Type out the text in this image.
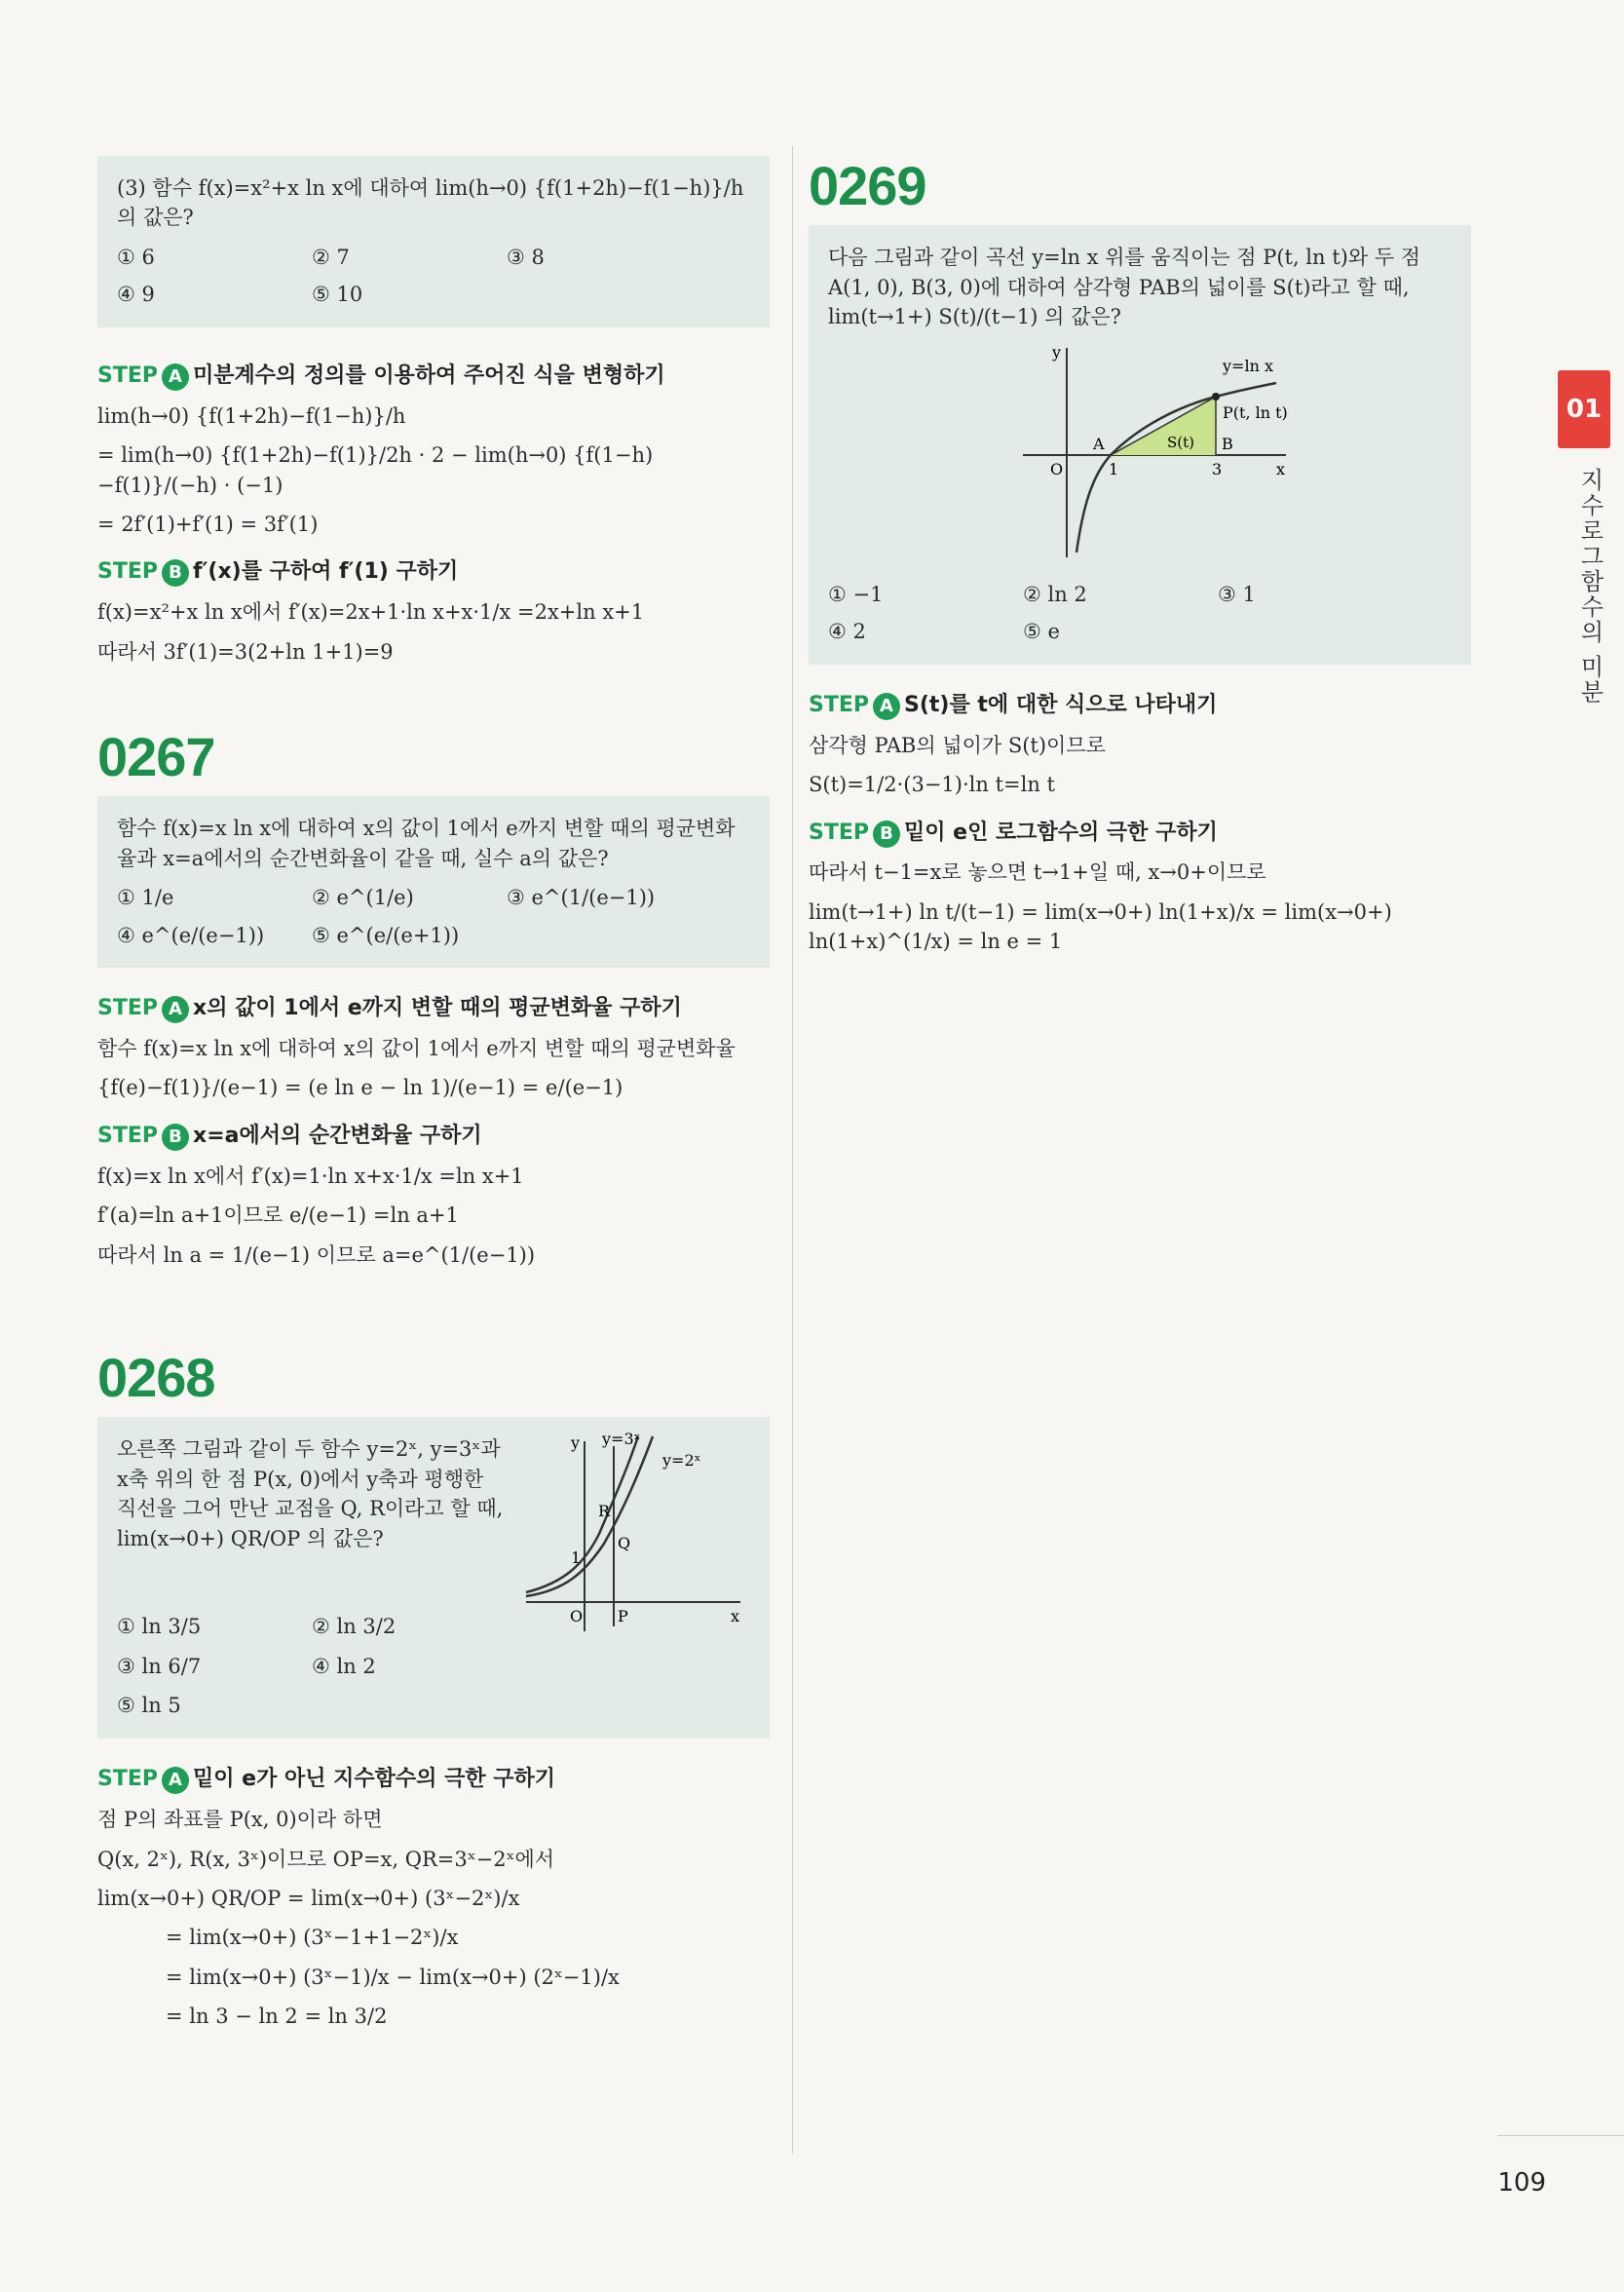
(3) 함수 f(x)=x²+x ln x에 대하여 lim(h→0) {f(1+2h)−f(1−h)}/h 의 값은?
① 6	② 7	③ 8
④ 9	⑤ 10
STEP A 미분계수의 정의를 이용하여 주어진 식을 변형하기
lim(h→0) {f(1+2h)−f(1−h)}/h
= lim(h→0) {f(1+2h)−f(1)}/2h · 2 − lim(h→0) {f(1−h)−f(1)}/(−h) · (−1)
= 2f′(1)+f′(1) = 3f′(1)
STEP B f′(x)를 구하여 f′(1) 구하기
f(x)=x²+x ln x에서 f′(x)=2x+1·ln x+x·1/x =2x+ln x+1
따라서 3f′(1)=3(2+ln 1+1)=9
0267
함수 f(x)=x ln x에 대하여 x의 값이 1에서 e까지 변할 때의 평균변화율과 x=a에서의 순간변화율이 같을 때, 실수 a의 값은?
① 1/e	② e^(1/e)	③ e^(1/(e−1))
④ e^(e/(e−1))	⑤ e^(e/(e+1))
STEP A x의 값이 1에서 e까지 변할 때의 평균변화율 구하기
함수 f(x)=x ln x에 대하여 x의 값이 1에서 e까지 변할 때의 평균변화율
{f(e)−f(1)}/(e−1) = (e ln e − ln 1)/(e−1) = e/(e−1)
STEP B x=a에서의 순간변화율 구하기
f(x)=x ln x에서 f′(x)=1·ln x+x·1/x =ln x+1
f′(a)=ln a+1이므로 e/(e−1) =ln a+1
따라서 ln a = 1/(e−1) 이므로 a=e^(1/(e−1))
0268
오른쪽 그림과 같이 두 함수 y=2ˣ, y=3ˣ과 x축 위의 한 점 P(x, 0)에서 y축과 평행한 직선을 그어 만난 교점을 Q, R이라고 할 때, lim(x→0+) QR/OP 의 값은?
① ln 3/5	② ln 3/2
③ ln 6/7	④ ln 2
⑤ ln 5
y
x
O
1
P
Q
R
y=3ˣ
y=2ˣ
STEP A 밑이 e가 아닌 지수함수의 극한 구하기
점 P의 좌표를 P(x, 0)이라 하면
Q(x, 2ˣ), R(x, 3ˣ)이므로 OP=x, QR=3ˣ−2ˣ에서
lim(x→0+) QR/OP = lim(x→0+) (3ˣ−2ˣ)/x
= lim(x→0+) (3ˣ−1+1−2ˣ)/x
= lim(x→0+) (3ˣ−1)/x − lim(x→0+) (2ˣ−1)/x
= ln 3 − ln 2 = ln 3/2
0269
다음 그림과 같이 곡선 y=ln x 위를 움직이는 점 P(t, ln t)와 두 점 A(1, 0), B(3, 0)에 대하여 삼각형 PAB의 넓이를 S(t)라고 할 때, lim(t→1+) S(t)/(t−1) 의 값은?
y
x
O
A
1	3
B
S(t)
P(t, ln t)
y=ln x
① −1	② ln 2	③ 1
④ 2	⑤ e
STEP A S(t)를 t에 대한 식으로 나타내기
삼각형 PAB의 넓이가 S(t)이므로
S(t)=1/2·(3−1)·ln t=ln t
STEP B 밑이 e인 로그함수의 극한 구하기
따라서 t−1=x로 놓으면 t→1+일 때, x→0+이므로
lim(t→1+) ln t/(t−1) = lim(x→0+) ln(1+x)/x = lim(x→0+) ln(1+x)^(1/x) = ln e = 1
01
지수로그함수의 미분
109
